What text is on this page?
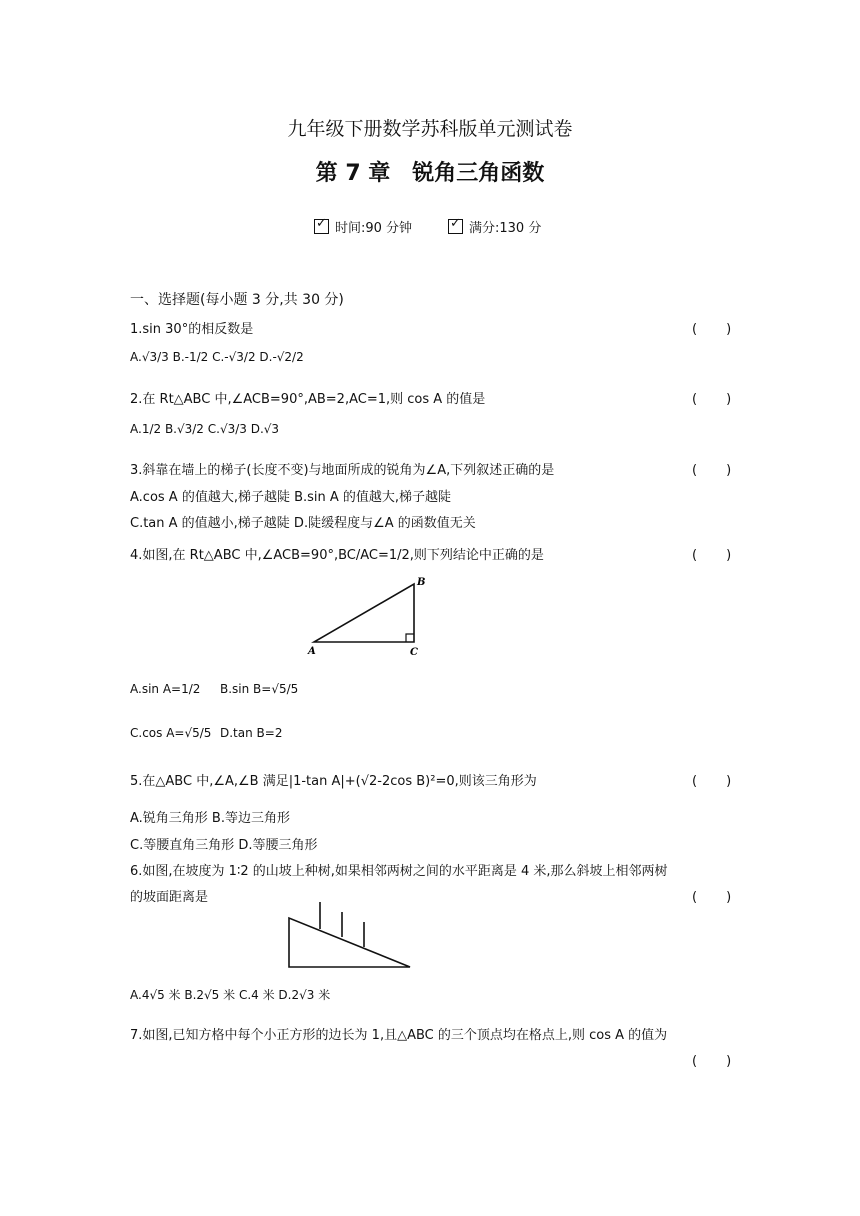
九年级下册数学苏科版单元测试卷
第 7 章　锐角三角函数
✓时间:90 分钟
✓	满分:130 分
一、选择题(每小题 3 分,共 30 分)
1.sin 30°的相反数是	(　　)
A.√3/3 B.-1/2 C.-√3/2 D.-√2/2
2.在 Rt△ABC 中,∠ACB=90°,AB=2,AC=1,则 cos A 的值是	(　　)
A.1/2 B.√3/2 C.√3/3 D.√3
3.斜靠在墙上的梯子(长度不变)与地面所成的锐角为∠A,下列叙述正确的是	(　　)
A.cos A 的值越大,梯子越陡 B.sin A 的值越大,梯子越陡
C.tan A 的值越小,梯子越陡 D.陡缓程度与∠A 的函数值无关
4.如图,在 Rt△ABC 中,∠ACB=90°,BC/AC=1/2,则下列结论中正确的是	(　　)
A	C
B
A.sin A=1/2 B.sin B=√5/5
C.cos A=√5/5 D.tan B=2
5.在△ABC 中,∠A,∠B 满足|1-tan A|+(√2-2cos B)²=0,则该三角形为	(　　)
A.锐角三角形 B.等边三角形
C.等腰直角三角形 D.等腰三角形
6.如图,在坡度为 1∶2 的山坡上种树,如果相邻两树之间的水平距离是 4 米,那么斜坡上相邻两树
的坡面距离是	(　　)
A.4√5 米 B.2√5 米 C.4 米 D.2√3 米
7.如图,已知方格中每个小正方形的边长为 1,且△ABC 的三个顶点均在格点上,则 cos A 的值为
(　　)
